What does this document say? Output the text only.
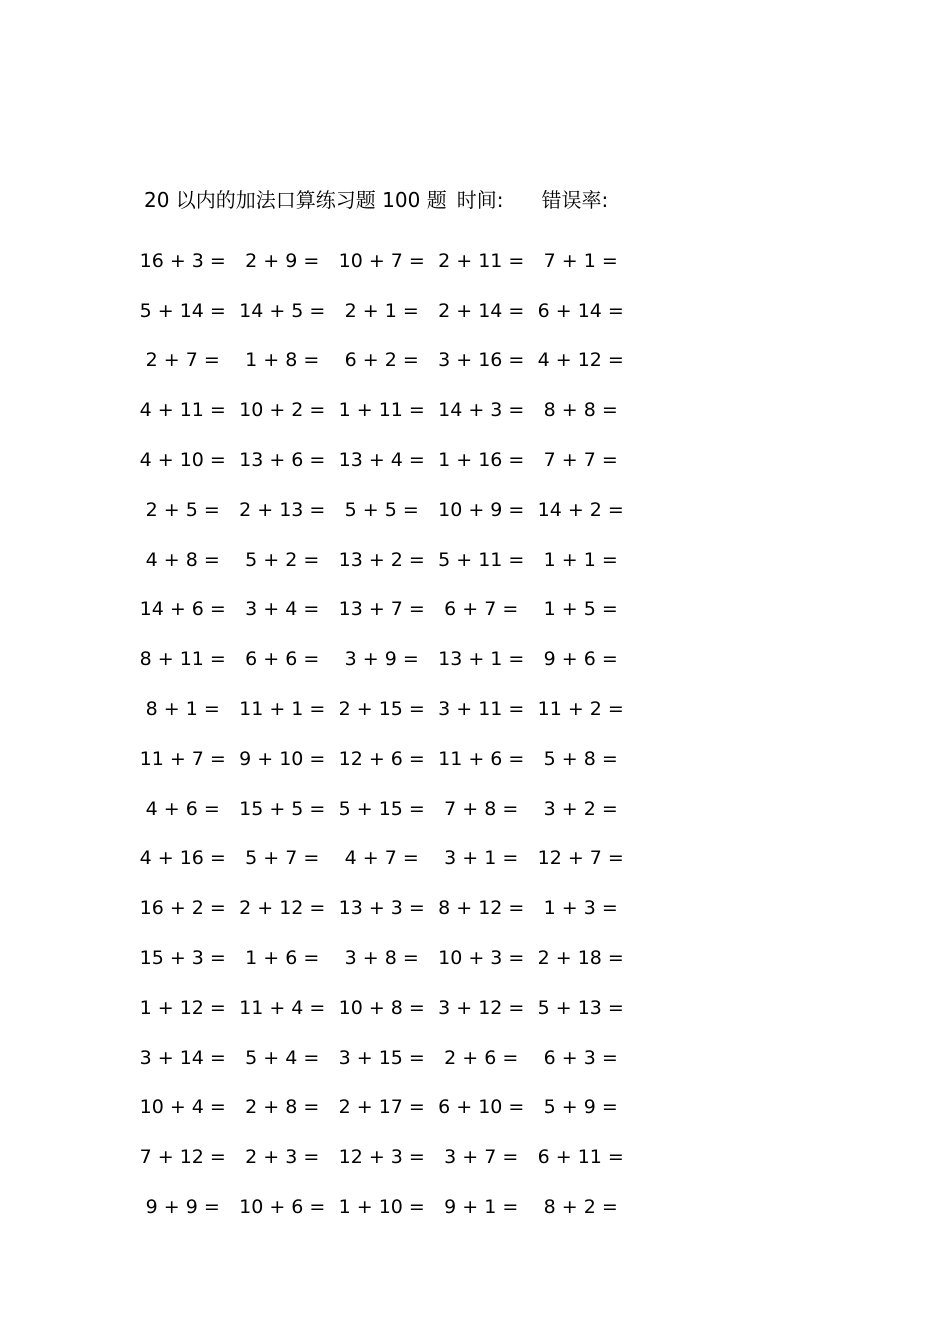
20 以内的加法口算练习题 100 题 时间: 错误率:
16 + 3 =	2 + 9 =	10 + 7 = 2 + 11 =	7 + 1 =
5 + 14 = 14 + 5 =	2 + 1 =	2 + 14 = 6 + 14 =
2 + 7 =	1 + 8 =	6 + 2 =	3 + 16 = 4 + 12 =
4 + 11 = 10 + 2 = 1 + 11 = 14 + 3 =	8 + 8 =
4 + 10 = 13 + 6 = 13 + 4 = 1 + 16 =	7 + 7 =
2 + 5 =	2 + 13 =	5 + 5 =	10 + 9 = 14 + 2 =
4 + 8 =	5 + 2 =	13 + 2 = 5 + 11 =	1 + 1 =
14 + 6 =	3 + 4 =	13 + 7 =	6 + 7 =	1 + 5 =
8 + 11 =	6 + 6 =	3 + 9 =	13 + 1 =	9 + 6 =
8 + 1 =	11 + 1 = 2 + 15 = 3 + 11 = 11 + 2 =
11 + 7 = 9 + 10 = 12 + 6 = 11 + 6 =	5 + 8 =
4 + 6 =	15 + 5 = 5 + 15 =	7 + 8 =	3 + 2 =
4 + 16 =	5 + 7 =	4 + 7 =	3 + 1 =	12 + 7 =
16 + 2 = 2 + 12 = 13 + 3 = 8 + 12 =	1 + 3 =
15 + 3 =	1 + 6 =	3 + 8 =	10 + 3 = 2 + 18 =
1 + 12 = 11 + 4 = 10 + 8 = 3 + 12 = 5 + 13 =
3 + 14 =	5 + 4 =	3 + 15 =	2 + 6 =	6 + 3 =
10 + 4 =	2 + 8 =	2 + 17 = 6 + 10 =	5 + 9 =
7 + 12 =	2 + 3 =	12 + 3 =	3 + 7 =	6 + 11 =
9 + 9 =	10 + 6 = 1 + 10 =	9 + 1 =	8 + 2 =
